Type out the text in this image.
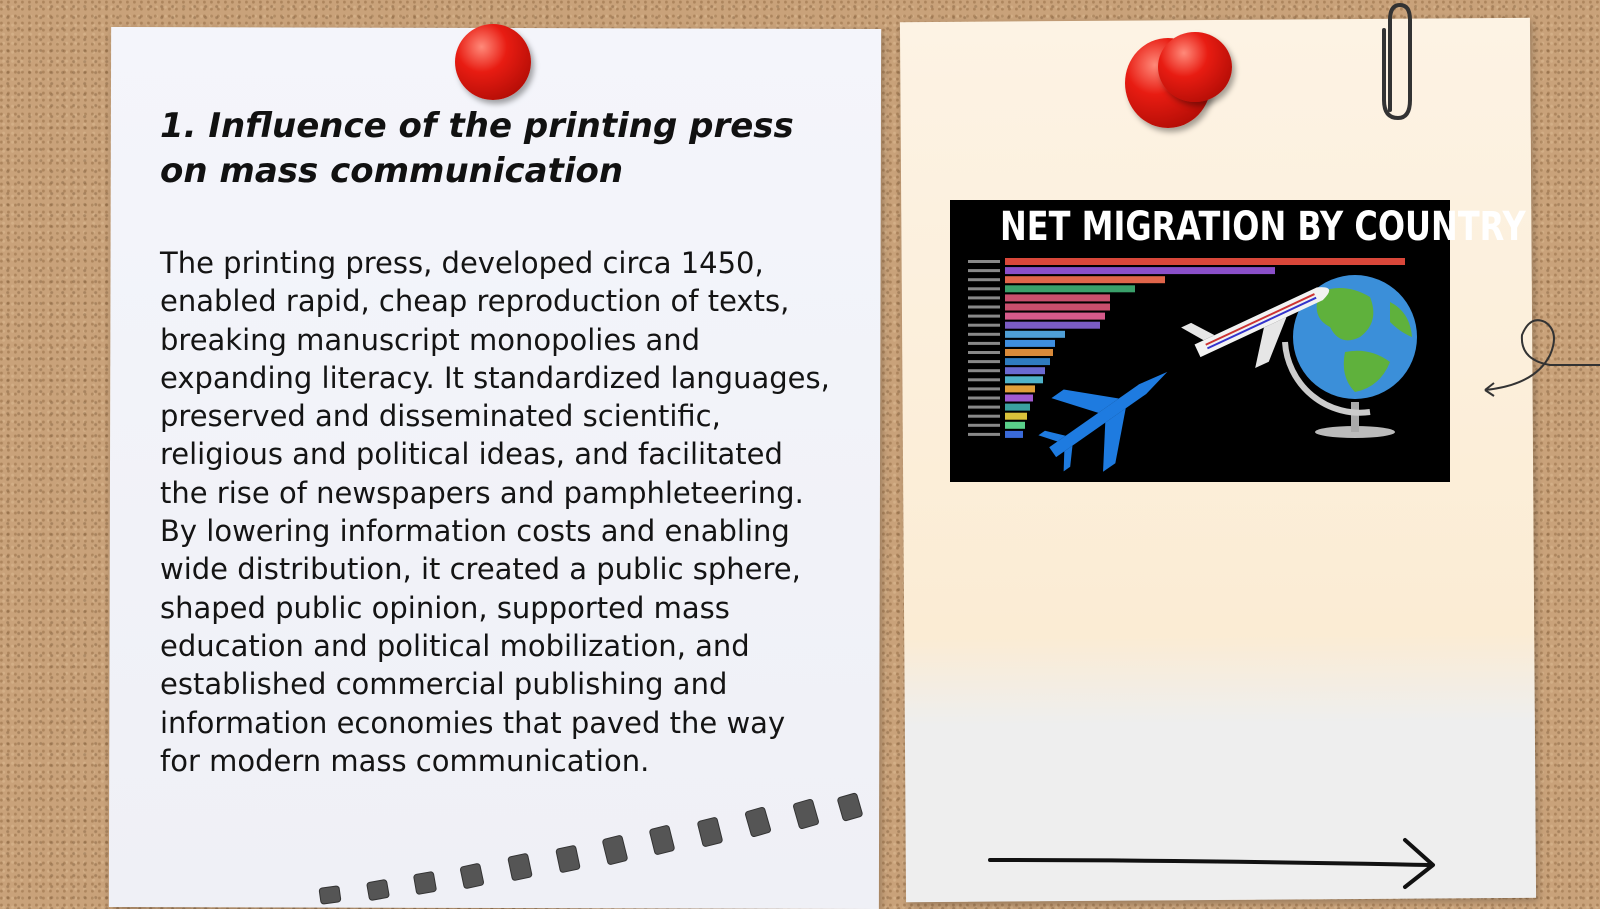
1. Influence of the printing press on mass communication

The printing press, developed circa 1450, enabled rapid, cheap reproduction of texts, breaking manuscript monopolies and expanding literacy. It standardized languages, preserved and disseminated scientific, religious and political ideas, and facilitated the rise of newspapers and pamphleteering. By lowering information costs and enabling wide distribution, it created a public sphere, shaped public opinion, supported mass education and political mobilization, and established commercial publishing and information economies that paved the way for modern mass communication.

NET MIGRATION BY COUNTRY
